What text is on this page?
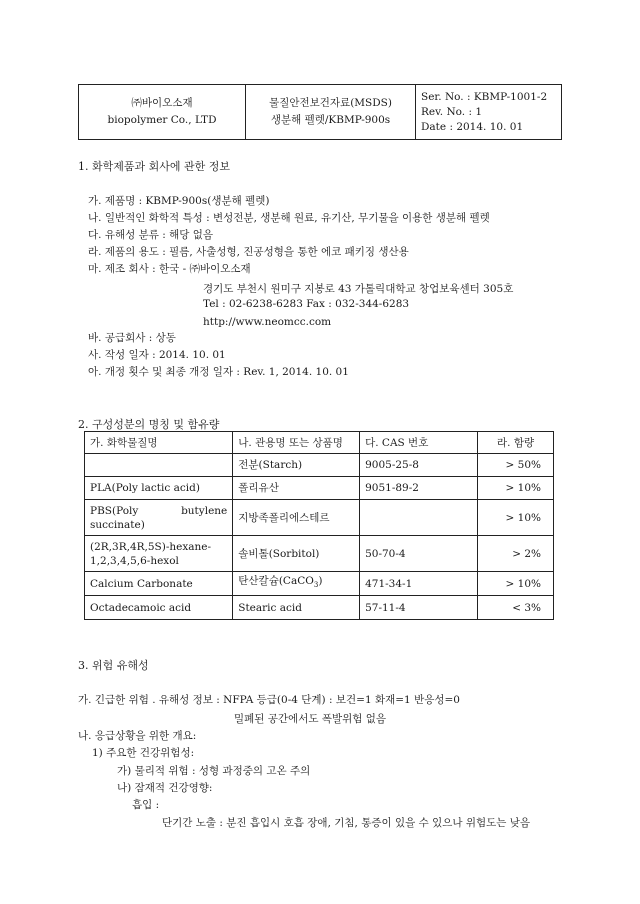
㈜바이오소재
biopolymer Co., LTD
물질안전보건자료(MSDS)
생분해 펠렛/KBMP-900s
Ser. No. : KBMP-1001-2
Rev. No. : 1
Date : 2014. 10. 01
1. 화학제품과 회사에 관한 정보
가. 제품명 : KBMP-900s(생분해 펠렛)
나. 일반적인 화학적 특성 : 변성전분, 생분해 원료, 유기산, 무기물을 이용한 생분해 펠렛
다. 유해성 분류 : 해당 없음
라. 제품의 용도 : 필름, 사출성형, 진공성형을 통한 에코 패키징 생산용
마. 제조 회사 : 한국 - ㈜바이오소재
경기도 부천시 원미구 지봉로 43 가톨릭대학교 창업보육센터 305호
Tel : 02-6238-6283 Fax : 032-344-6283
http://www.neomcc.com
바. 공급회사 : 상동
사. 작성 일자 : 2014. 10. 01
아. 개정 횟수 및 최종 개정 일자 : Rev. 1, 2014. 10. 01
2. 구성성분의 명칭 및 함유량
가. 화학물질명	나. 관용명 또는 상품명	다. CAS 번호	라. 함량
	전분(Starch)	9005-25-8	> 50%
PLA(Poly lactic acid)	폴리유산	9051-89-2	> 10%

PBS(Poly butylene
succinate)	지방족폴리에스테르		> 10%

(2R,3R,4R,5S)-hexane-
1,2,3,4,5,6-hexol	솔비톨(Sorbitol)	50-70-4	> 2%
Calcium Carbonate	탄산칼슘(CaCO$_3$)	471-34-1	> 10%
Octadecamoic acid	Stearic acid	57-11-4	< 3%
3. 위험 유해성
가. 긴급한 위험 . 유해성 정보 : NFPA 등급(0-4 단계) : 보건=1 화재=1 반응성=0
밀폐된 공간에서도 폭발위험 없음
나. 응급상황을 위한 개요:
1) 주요한 건강위험성:
가) 물리적 위험 : 성형 과정중의 고온 주의
나) 잠재적 건강영향:
흡입 :
단기간 노출 : 분진 흡입시 호흡 장애, 기침, 통증이 있을 수 있으나 위험도는 낮음
